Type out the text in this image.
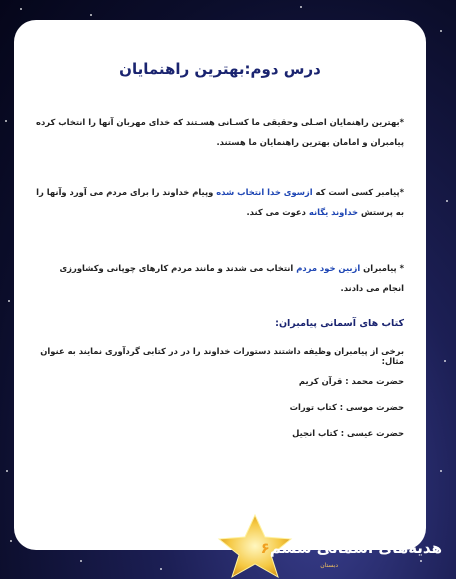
درس دوم:بهترین راهنمایان
*بهترین راهنمایان اصـلی وحقیقی ما کسـانی هسـتند که خدای مهربان آنها را انتخاب کرده پیامبران و امامان بهترین راهنمایان ما هستند.
*پیامبر کسی است که ازسوی خدا انتخاب شده وپیام خداوند را برای مردم می آورد وآنها را به پرستش خداوند یگانه دعوت می کند.
* پیامبران ازبین خود مردم انتخاب می شدند و مانند مردم کارهای چوپانی وکشاورزی انجام می دادند.
کتاب های آسمانی پیامبران:
برخی از پیامبران وظیفه داشتند دستورات خداوند را در در کتابی گردآوری نمایند به عنوان مثال:
حضرت محمد : قرآن کریم
حضرت موسی : کتاب تورات
حضرت عیسی : کتاب انجیل
هدیه‌های آسمانی ششم۶
دبستان
